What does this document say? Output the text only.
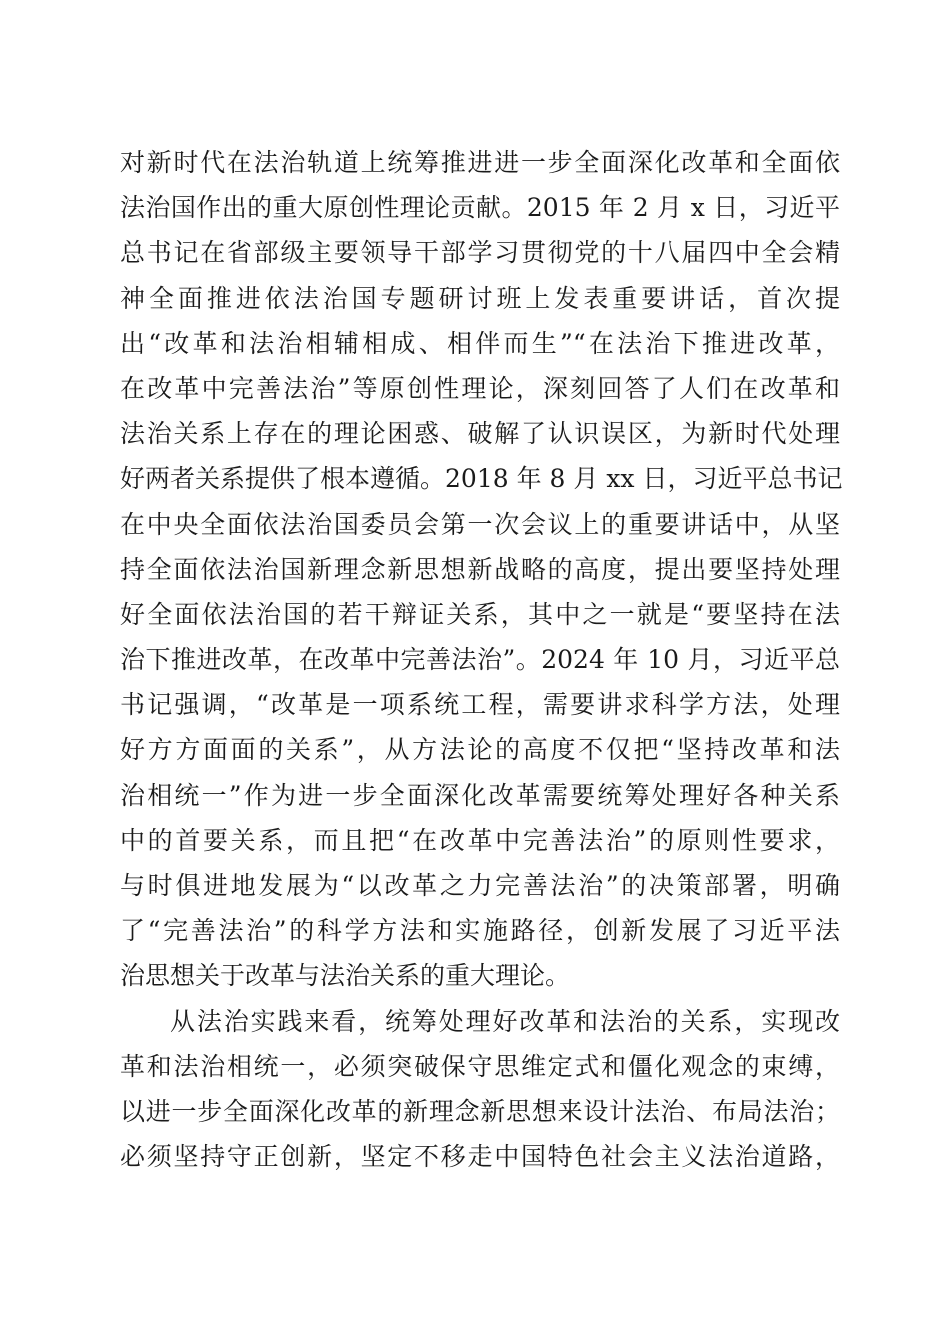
对新时代在法治轨道上统筹推进进一步全面深化改革和全面依
法治国作出的重大原创性理论贡献。2015 年 2 月 x 日，习近平
总书记在省部级主要领导干部学习贯彻党的十八届四中全会精
神全面推进依法治国专题研讨班上发表重要讲话，首次提
出“改革和法治相辅相成、相伴而生”“在法治下推进改革，
在改革中完善法治”等原创性理论，深刻回答了人们在改革和
法治关系上存在的理论困惑、破解了认识误区，为新时代处理
好两者关系提供了根本遵循。2018 年 8 月 xx 日，习近平总书记
在中央全面依法治国委员会第一次会议上的重要讲话中，从坚
持全面依法治国新理念新思想新战略的高度，提出要坚持处理
好全面依法治国的若干辩证关系，其中之一就是“要坚持在法
治下推进改革，在改革中完善法治”。2024 年 10 月，习近平总
书记强调，“改革是一项系统工程，需要讲求科学方法，处理
好方方面面的关系”，从方法论的高度不仅把“坚持改革和法
治相统一”作为进一步全面深化改革需要统筹处理好各种关系
中的首要关系，而且把“在改革中完善法治”的原则性要求，
与时俱进地发展为“以改革之力完善法治”的决策部署，明确
了“完善法治”的科学方法和实施路径，创新发展了习近平法
治思想关于改革与法治关系的重大理论。
从法治实践来看，统筹处理好改革和法治的关系，实现改
革和法治相统一，必须突破保守思维定式和僵化观念的束缚，
以进一步全面深化改革的新理念新思想来设计法治、布局法治；
必须坚持守正创新，坚定不移走中国特色社会主义法治道路，
